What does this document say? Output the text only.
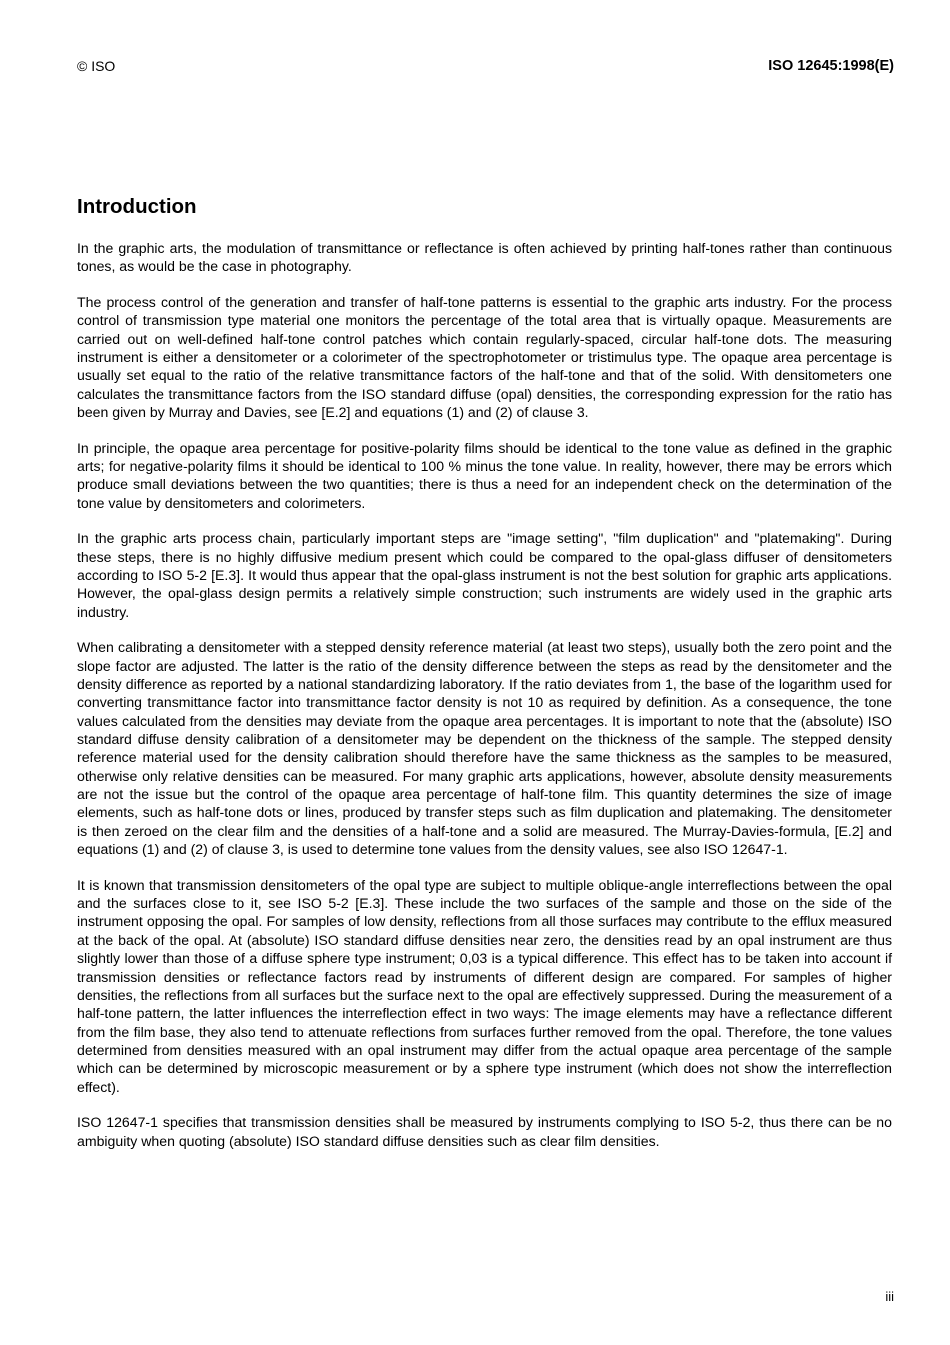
© ISO	ISO 12645:1998(E)
Introduction

In the graphic arts, the modulation of transmittance or reflectance is often achieved by printing half-tones rather than continuous tones, as would be the case in photography.

The process control of the generation and transfer of half-tone patterns is essential to the graphic arts industry. For the process control of transmission type material one monitors the percentage of the total area that is virtually opaque. Measurements are carried out on well-defined half-tone control patches which contain regularly-spaced, circular half-tone dots. The measuring instrument is either a densitometer or a colorimeter of the spectrophotometer or tristimulus type. The opaque area percentage is usually set equal to the ratio of the relative transmittance factors of the half-tone and that of the solid. With densitometers one calculates the transmittance factors from the ISO standard diffuse (opal) densities, the corresponding expression for the ratio has been given by Murray and Davies, see [E.2] and equations (1) and (2) of clause 3.

In principle, the opaque area percentage for positive-polarity films should be identical to the tone value as defined in the graphic arts; for negative-polarity films it should be identical to 100 % minus the tone value. In reality, however, there may be errors which produce small deviations between the two quantities; there is thus a need for an independent check on the determination of the tone value by densitometers and colorimeters.

In the graphic arts process chain, particularly important steps are "image setting", "film duplication" and "platemaking". During these steps, there is no highly diffusive medium present which could be compared to the opal-glass diffuser of densitometers according to ISO 5-2 [E.3]. It would thus appear that the opal-glass instrument is not the best solution for graphic arts applications. However, the opal-glass design permits a relatively simple construction; such instruments are widely used in the graphic arts industry.

When calibrating a densitometer with a stepped density reference material (at least two steps), usually both the zero point and the slope factor are adjusted. The latter is the ratio of the density difference between the steps as read by the densitometer and the density difference as reported by a national standardizing laboratory. If the ratio deviates from 1, the base of the logarithm used for converting transmittance factor into transmittance factor density is not 10 as required by definition. As a consequence, the tone values calculated from the densities may deviate from the opaque area percentages. It is important to note that the (absolute) ISO standard diffuse density calibration of a densitometer may be dependent on the thickness of the sample. The stepped density reference material used for the density calibration should therefore have the same thickness as the samples to be measured, otherwise only relative densities can be measured. For many graphic arts applications, however, absolute density measurements are not the issue but the control of the opaque area percentage of half-tone film. This quantity determines the size of image elements, such as half-tone dots or lines, produced by transfer steps such as film duplication and platemaking. The densitometer is then zeroed on the clear film and the densities of a half-tone and a solid are measured. The Murray-Davies-formula, [E.2] and equations (1) and (2) of clause 3, is used to determine tone values from the density values, see also ISO 12647-1.

It is known that transmission densitometers of the opal type are subject to multiple oblique-angle interreflections between the opal and the surfaces close to it, see ISO 5-2 [E.3]. These include the two surfaces of the sample and those on the side of the instrument opposing the opal. For samples of low density, reflections from all those surfaces may contribute to the efflux measured at the back of the opal. At (absolute) ISO standard diffuse densities near zero, the densities read by an opal instrument are thus slightly lower than those of a diffuse sphere type instrument; 0,03 is a typical difference. This effect has to be taken into account if transmission densities or reflectance factors read by instruments of different design are compared. For samples of higher densities, the reflections from all surfaces but the surface next to the opal are effectively suppressed. During the measurement of a half-tone pattern, the latter influences the interreflection effect in two ways: The image elements may have a reflectance different from the film base, they also tend to attenuate reflections from surfaces further removed from the opal. Therefore, the tone values determined from densities measured with an opal instrument may differ from the actual opaque area percentage of the sample which can be determined by microscopic measurement or by a sphere type instrument (which does not show the interreflection effect).

ISO 12647-1 specifies that transmission densities shall be measured by instruments complying to ISO 5-2, thus there can be no ambiguity when quoting (absolute) ISO standard diffuse densities such as clear film densities.

iii
